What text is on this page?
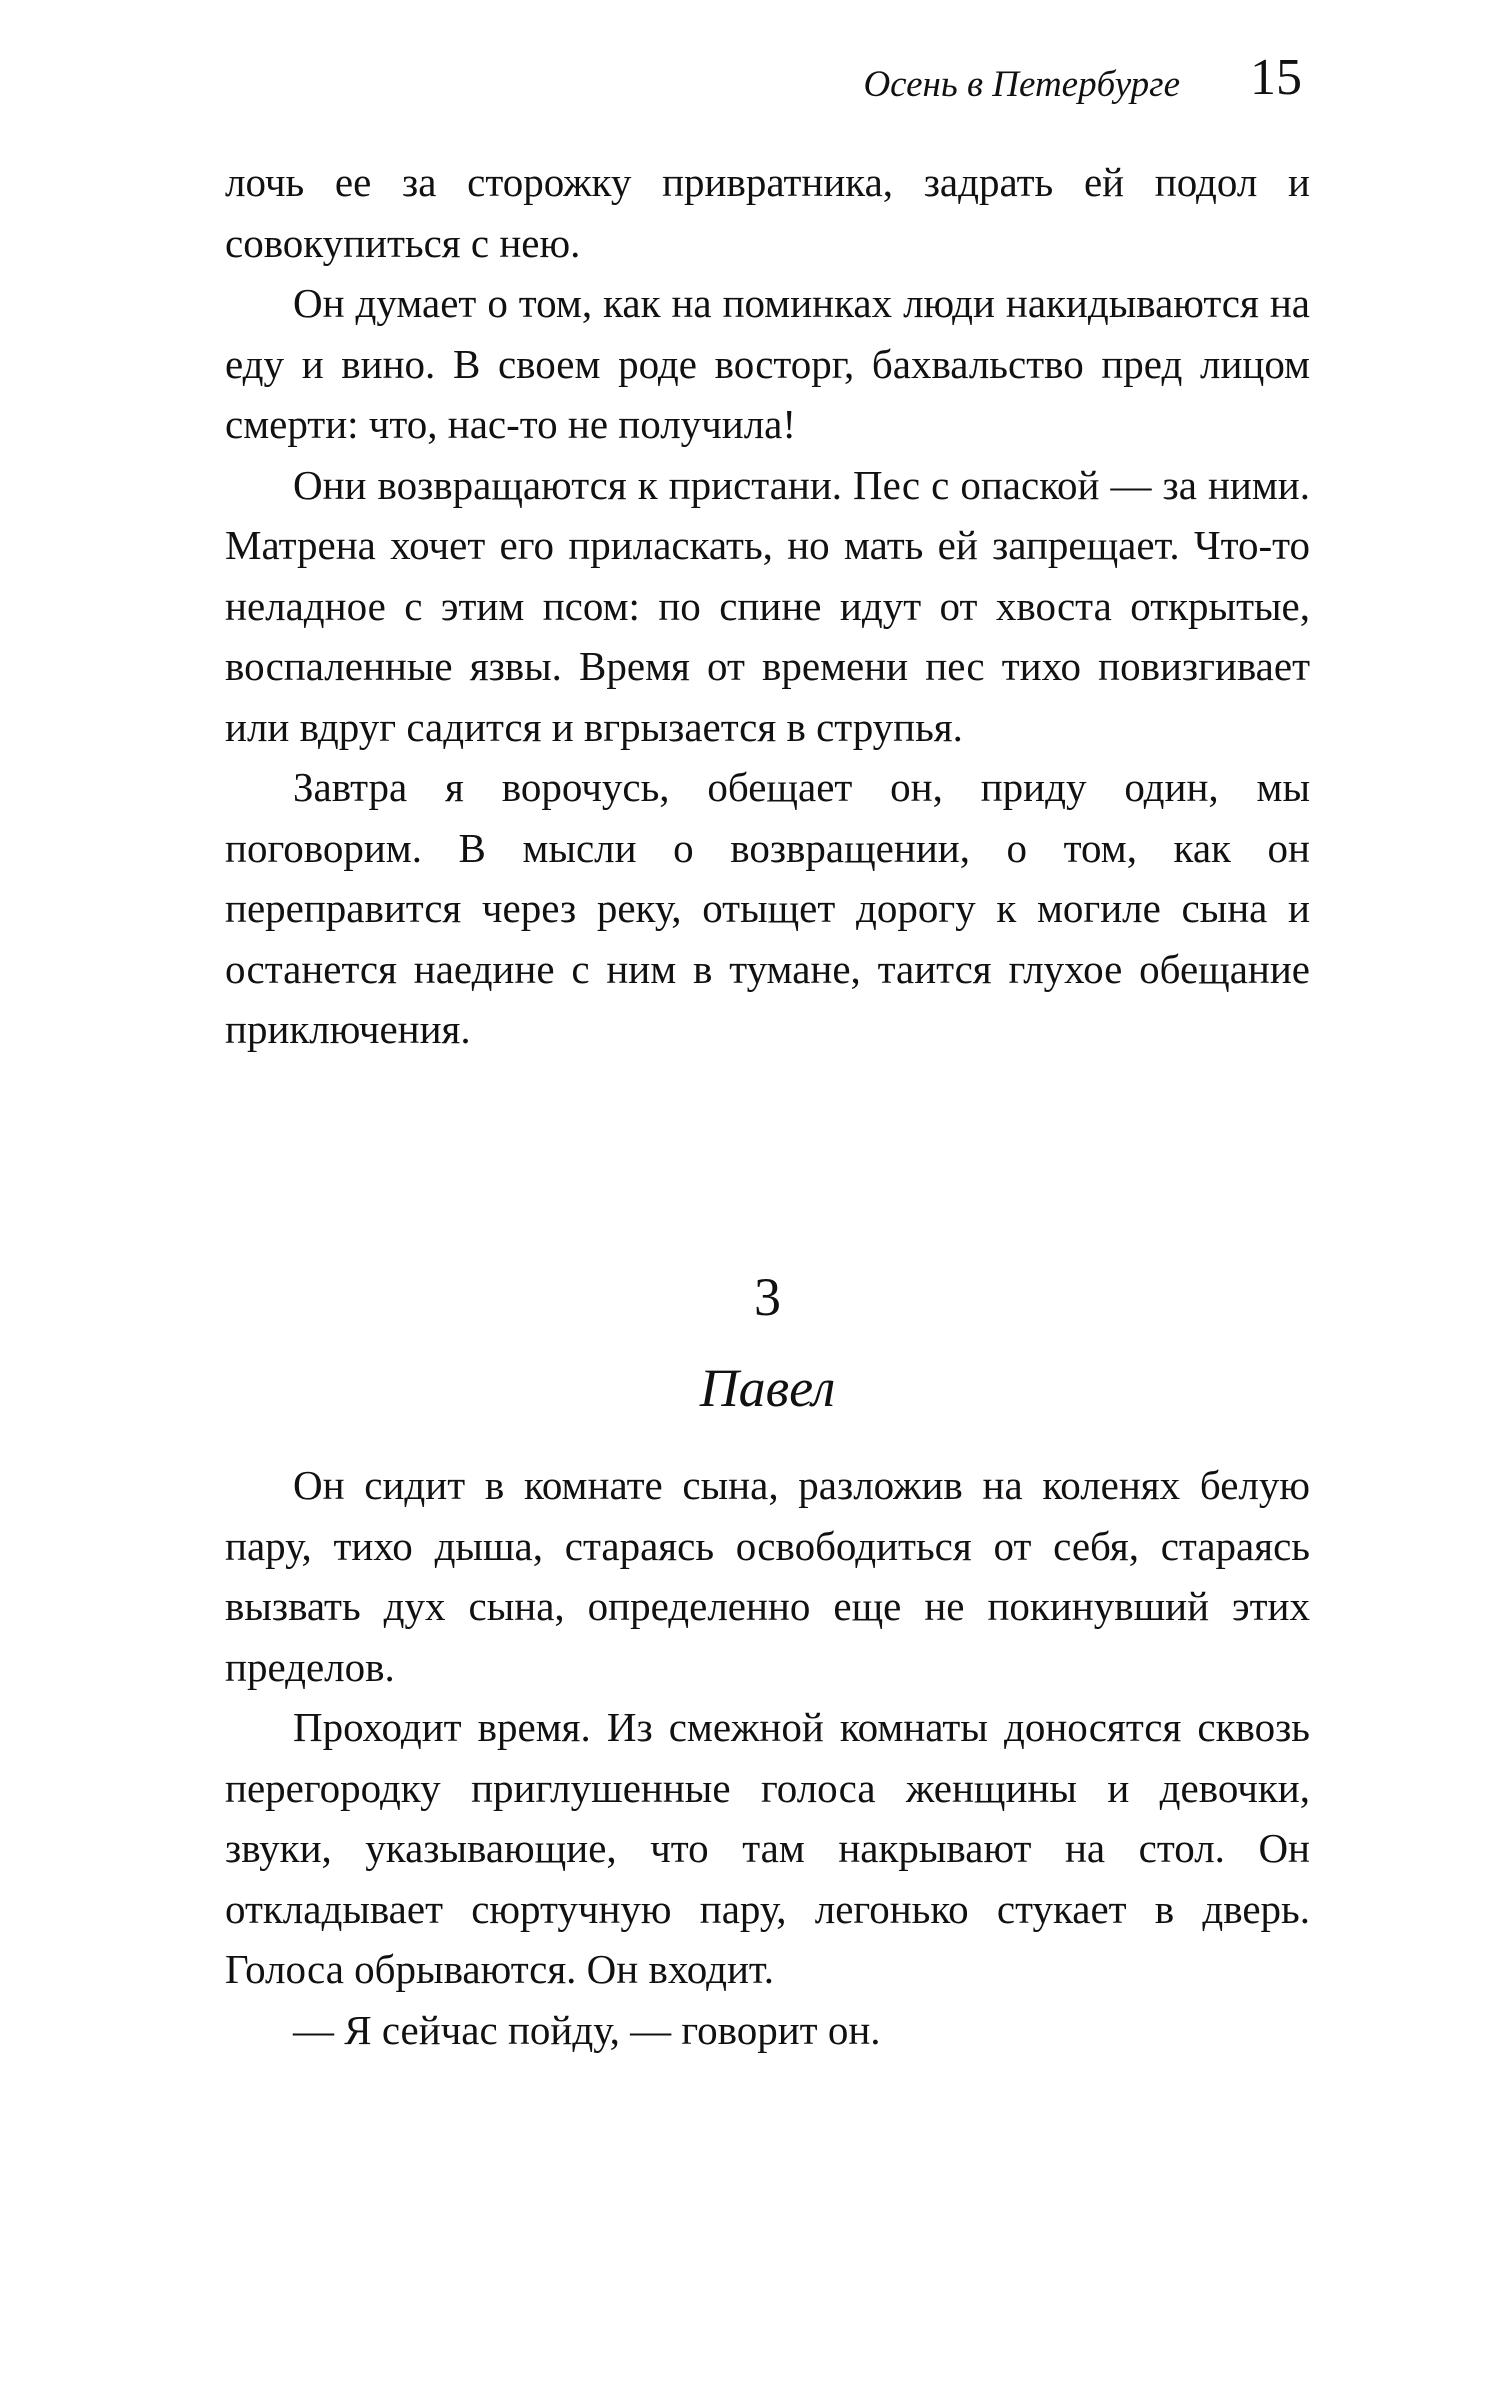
Осень в Петербурге 15

лочь ее за сторожку привратника, задрать ей подол и совокупиться с нею.

Он думает о том, как на поминках люди накидываются на еду и вино. В своем роде восторг, бахвальство пред лицом смерти: что, нас-то не получила!

Они возвращаются к пристани. Пес с опаской — за ними. Матрена хочет его приласкать, но мать ей запрещает. Что-то неладное с этим псом: по спине идут от хвоста открытые, воспаленные язвы. Время от времени пес тихо повизгивает или вдруг садится и вгрызается в струпья.

Завтра я ворочусь, обещает он, приду один, мы поговорим. В мысли о возвращении, о том, как он переправится через реку, отыщет дорогу к могиле сына и останется наедине с ним в тумане, таится глухое обещание приключения.

3
Павел

Он сидит в комнате сына, разложив на коленях белую пару, тихо дыша, стараясь освободиться от себя, стараясь вызвать дух сына, определенно еще не покинувший этих пределов.

Проходит время. Из смежной комнаты доносятся сквозь перегородку приглушенные голоса женщины и девочки, звуки, указывающие, что там накрывают на стол. Он откладывает сюртучную пару, легонько стукает в дверь. Голоса обрываются. Он входит.

— Я сейчас пойду, — говорит он.
